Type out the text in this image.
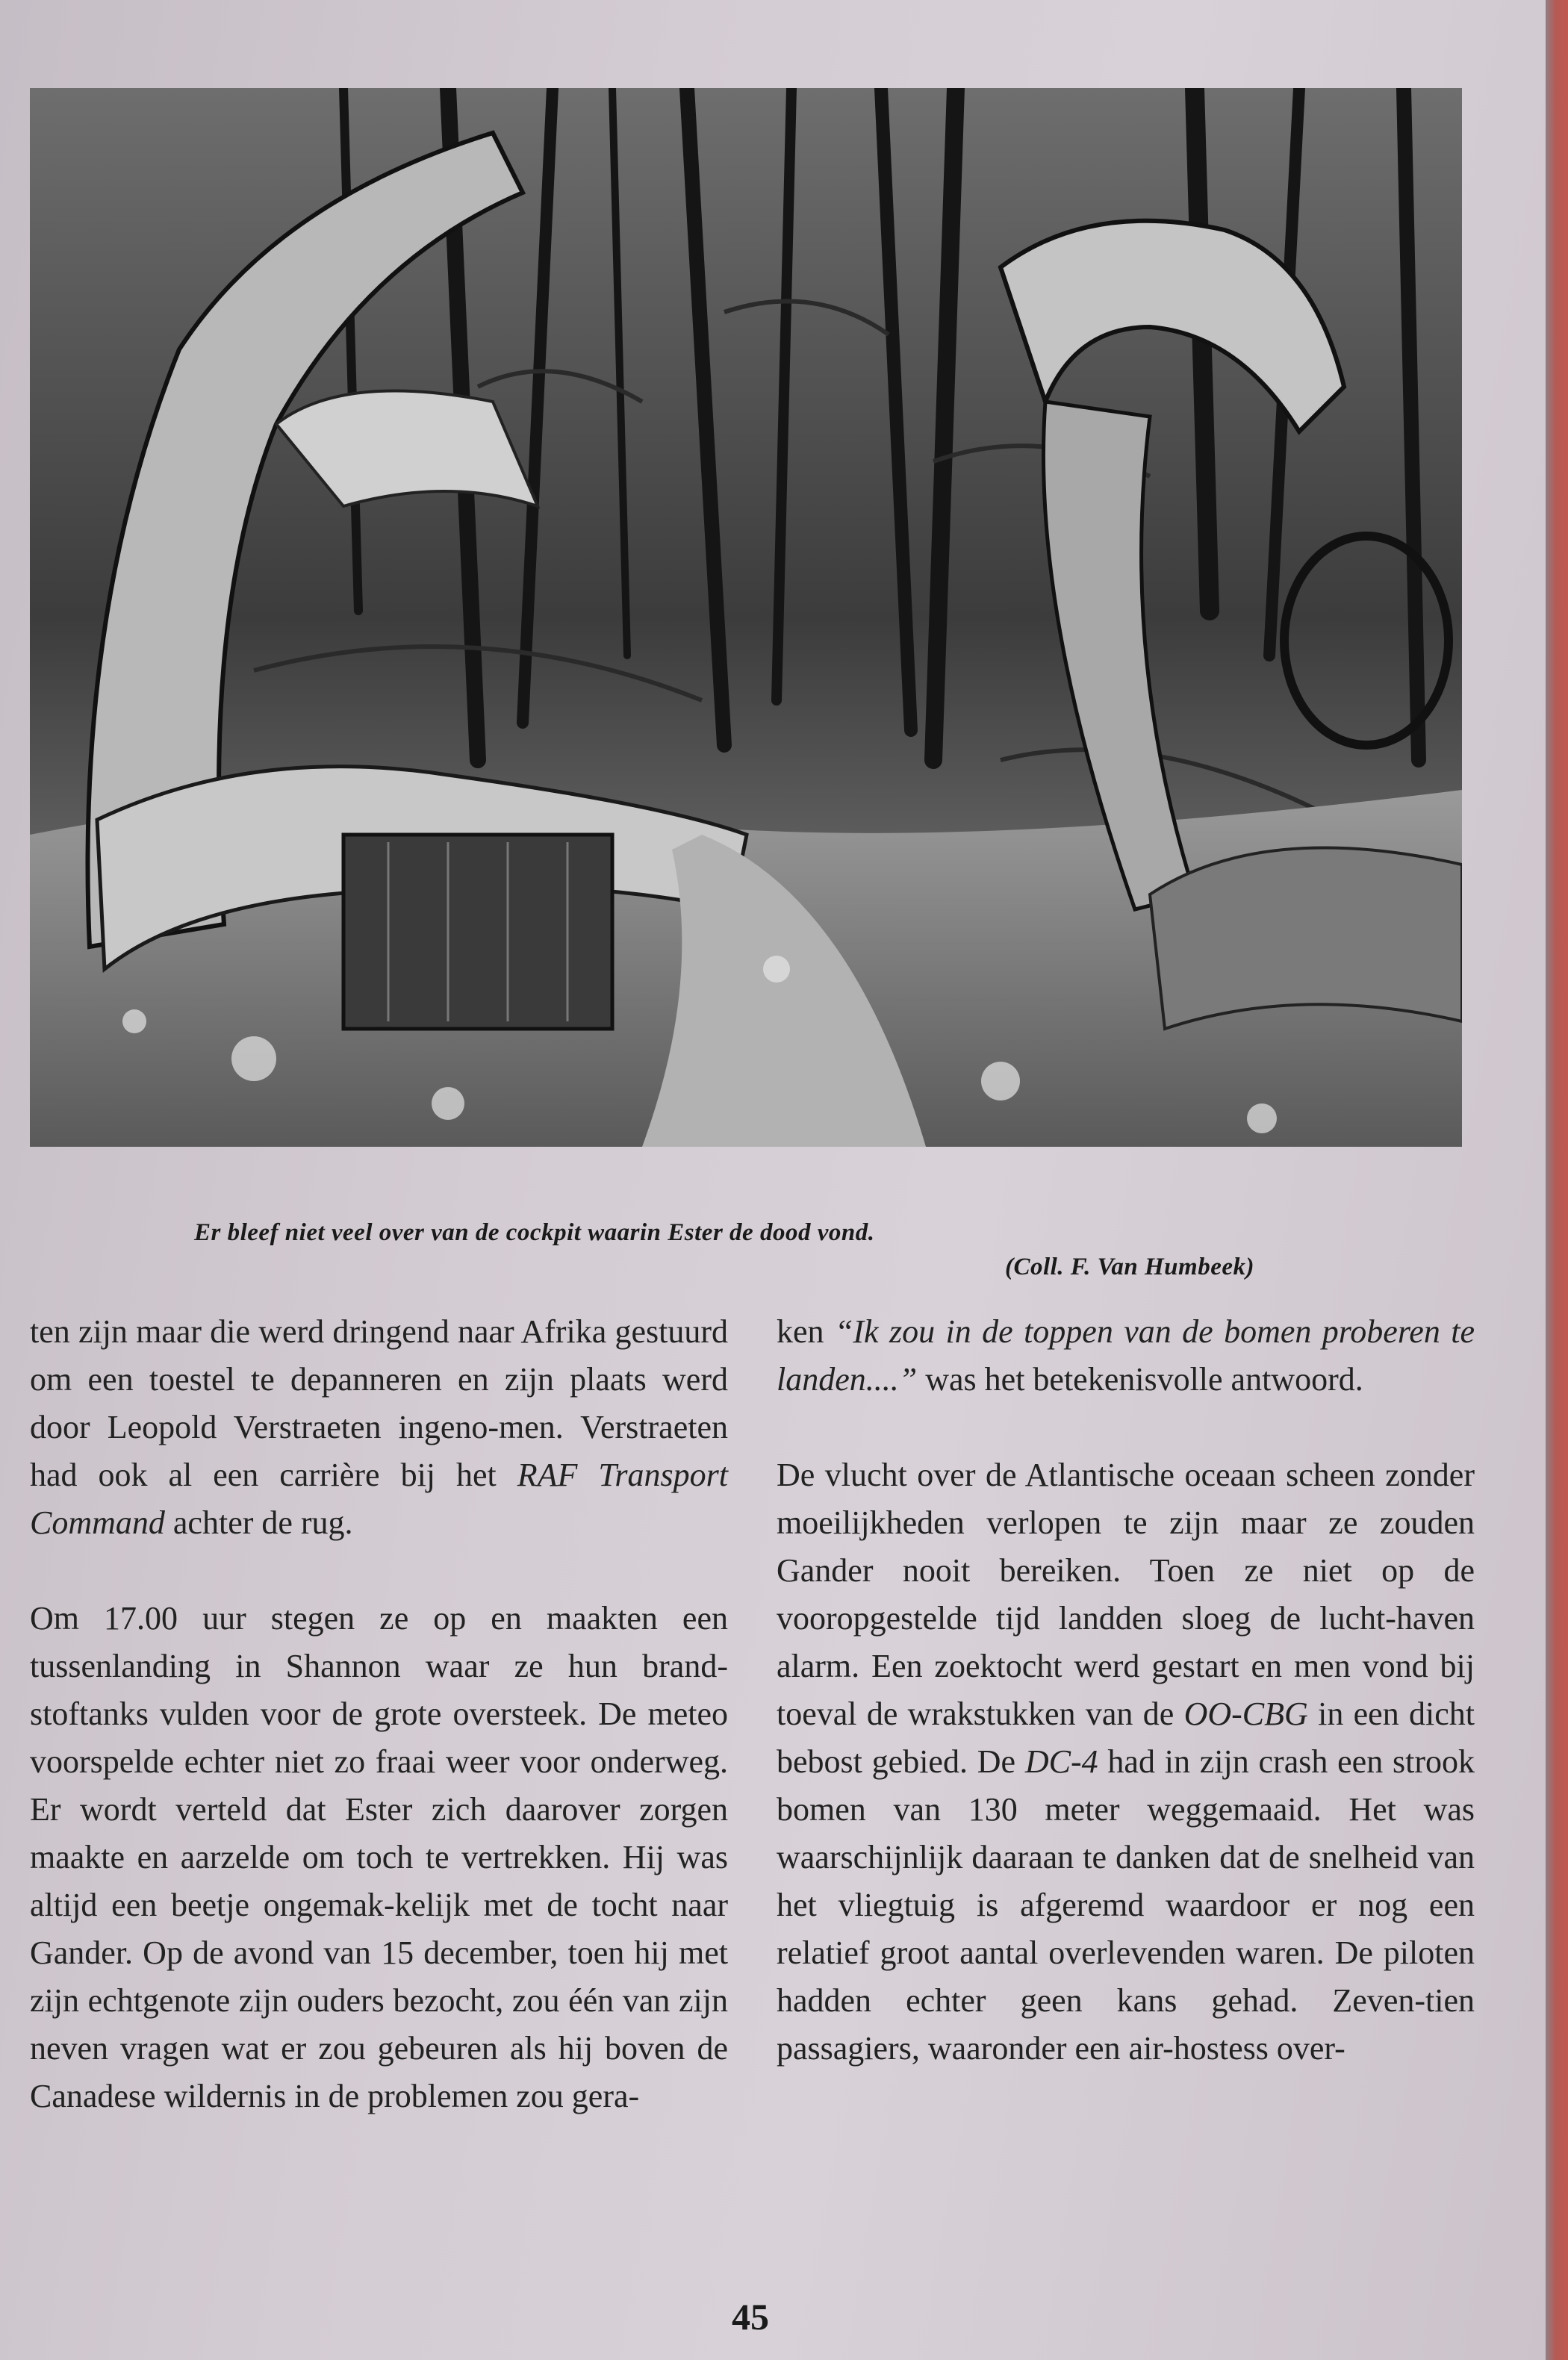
Er bleef niet veel over van de cockpit waarin Ester de dood vond.
(Coll. F. Van Humbeek)

ten zijn maar die werd dringend naar Afrika gestuurd om een toestel te depanneren en zijn plaats werd door Leopold Verstraeten ingeno-men. Verstraeten had ook al een carrière bij het RAF Transport Command achter de rug.

Om 17.00 uur stegen ze op en maakten een tussenlanding in Shannon waar ze hun brand-stoftanks vulden voor de grote oversteek. De meteo voorspelde echter niet zo fraai weer voor onderweg. Er wordt verteld dat Ester zich daarover zorgen maakte en aarzelde om toch te vertrekken. Hij was altijd een beetje ongemak-kelijk met de tocht naar Gander. Op de avond van 15 december, toen hij met zijn echtgenote zijn ouders bezocht, zou één van zijn neven vragen wat er zou gebeuren als hij boven de Canadese wildernis in de problemen zou gera-

ken “Ik zou in de toppen van de bomen proberen te landen....” was het betekenisvolle antwoord.

De vlucht over de Atlantische oceaan scheen zonder moeilijkheden verlopen te zijn maar ze zouden Gander nooit bereiken. Toen ze niet op de vooropgestelde tijd landden sloeg de lucht-haven alarm. Een zoektocht werd gestart en men vond bij toeval de wrakstukken van de OO-CBG in een dicht bebost gebied. De DC-4 had in zijn crash een strook bomen van 130 meter weggemaaid. Het was waarschijnlijk daaraan te danken dat de snelheid van het vliegtuig is afgeremd waardoor er nog een relatief groot aantal overlevenden waren. De piloten hadden echter geen kans gehad. Zeven-tien passagiers, waaronder een air-hostess over-

45
